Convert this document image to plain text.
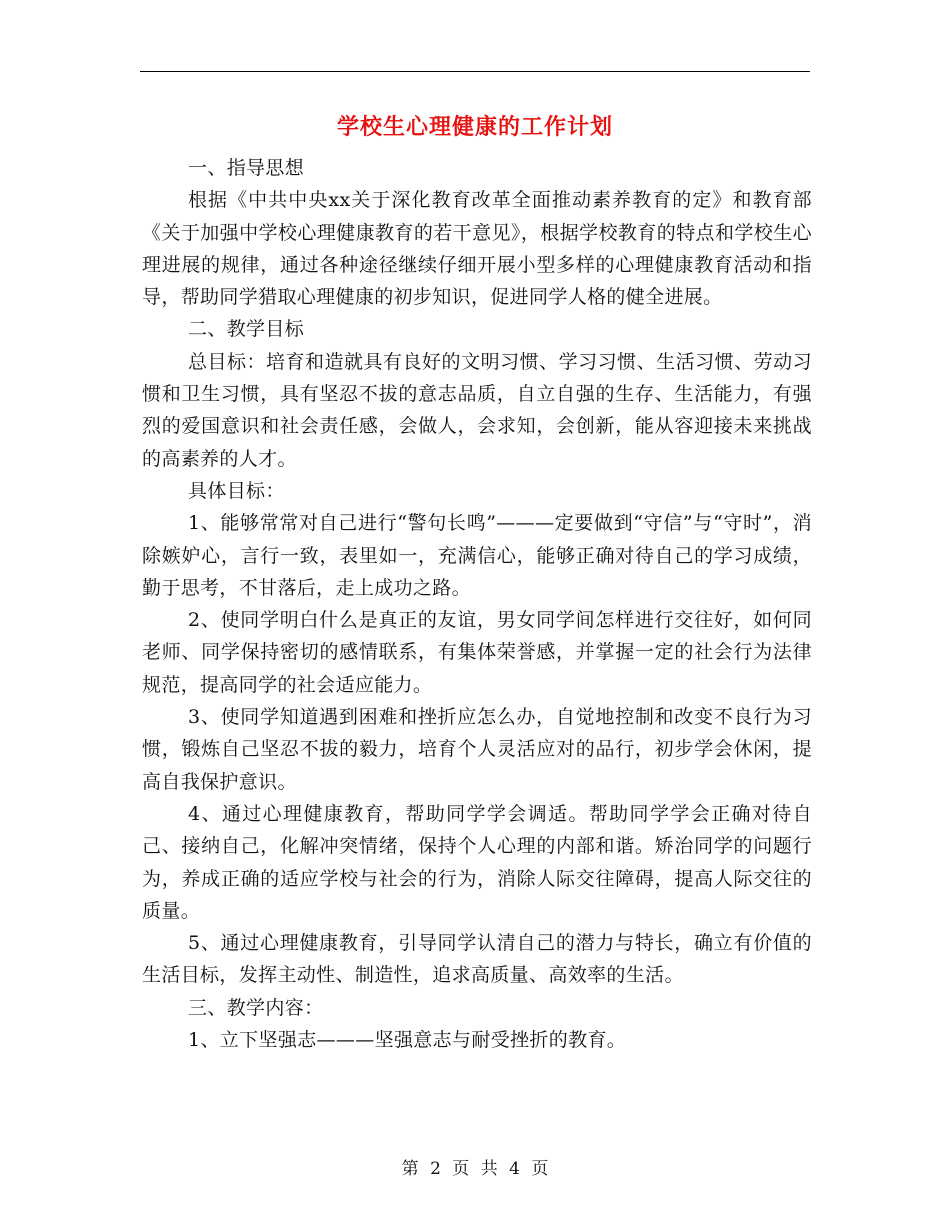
学校生心理健康的工作计划

一、指导思想

根据《中共中央xx关于深化教育改革全面推动素养教育的定》和教育部《关于加强中学校心理健康教育的若干意见》，根据学校教育的特点和学校生心理进展的规律，通过各种途径继续仔细开展小型多样的心理健康教育活动和指导，帮助同学猎取心理健康的初步知识，促进同学人格的健全进展。

二、教学目标

总目标：培育和造就具有良好的文明习惯、学习习惯、生活习惯、劳动习惯和卫生习惯，具有坚忍不拔的意志品质，自立自强的生存、生活能力，有强烈的爱国意识和社会责任感，会做人，会求知，会创新，能从容迎接未来挑战的高素养的人才。

具体目标：

1、能够常常对自己进行“警句长鸣”———定要做到“守信”与“守时”，消除嫉妒心，言行一致，表里如一，充满信心，能够正确对待自己的学习成绩，勤于思考，不甘落后，走上成功之路。

2、使同学明白什么是真正的友谊，男女同学间怎样进行交往好，如何同老师、同学保持密切的感情联系，有集体荣誉感，并掌握一定的社会行为法律规范，提高同学的社会适应能力。

3、使同学知道遇到困难和挫折应怎么办，自觉地控制和改变不良行为习惯，锻炼自己坚忍不拔的毅力，培育个人灵活应对的品行，初步学会休闲，提高自我保护意识。

4、通过心理健康教育，帮助同学学会调适。帮助同学学会正确对待自己、接纳自己，化解冲突情绪，保持个人心理的内部和谐。矫治同学的问题行为，养成正确的适应学校与社会的行为，消除人际交往障碍，提高人际交往的质量。

5、通过心理健康教育，引导同学认清自己的潜力与特长，确立有价值的生活目标，发挥主动性、制造性，追求高质量、高效率的生活。

三、教学内容：

1、立下坚强志———坚强意志与耐受挫折的教育。

第 2 页 共 4 页
